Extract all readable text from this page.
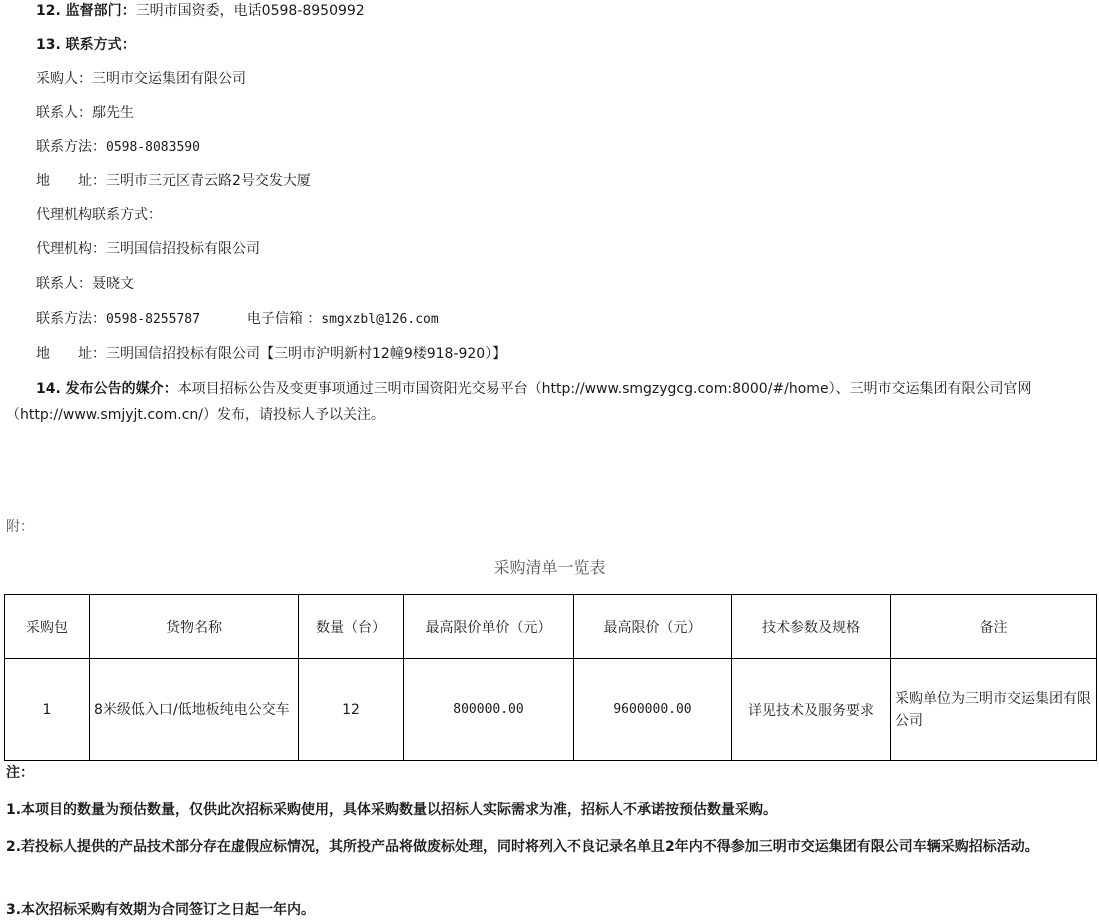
12. 监督部门：三明市国资委，电话0598-8950992
13. 联系方式：
采购人：三明市交运集团有限公司
联系人：鄢先生
联系方法：0598-8083590
地　　址：三明市三元区青云路2号交发大厦
代理机构联系方式：
代理机构：三明国信招投标有限公司
联系人：聂晓文
联系方法：0598-8255787	电子信箱 ：smgxzbl@126.com
地　　址：三明国信招投标有限公司【三明市沪明新村12幢9楼918-920）】
14. 发布公告的媒介：本项目招标公告及变更事项通过三明市国资阳光交易平台（http://www.smgzygcg.com:8000/#/home）、三明市交运集团有限公司官网（http://www.smjyjt.com.cn/）发布，请投标人予以关注。
附：
采购清单一览表
采购包	货物名称	数量（台）	最高限价单价（元）	最高限价（元）	技术参数及规格	备注
1	8米级低入口/低地板纯电公交车	12	800000.00	9600000.00	详见技术及服务要求	采购单位为三明市交运集团有限公司
注：
1.本项目的数量为预估数量，仅供此次招标采购使用，具体采购数量以招标人实际需求为准，招标人不承诺按预估数量采购。
2.若投标人提供的产品技术部分存在虚假应标情况，其所投产品将做废标处理，同时将列入不良记录名单且2年内不得参加三明市交运集团有限公司车辆采购招标活动。
3.本次招标采购有效期为合同签订之日起一年内。
